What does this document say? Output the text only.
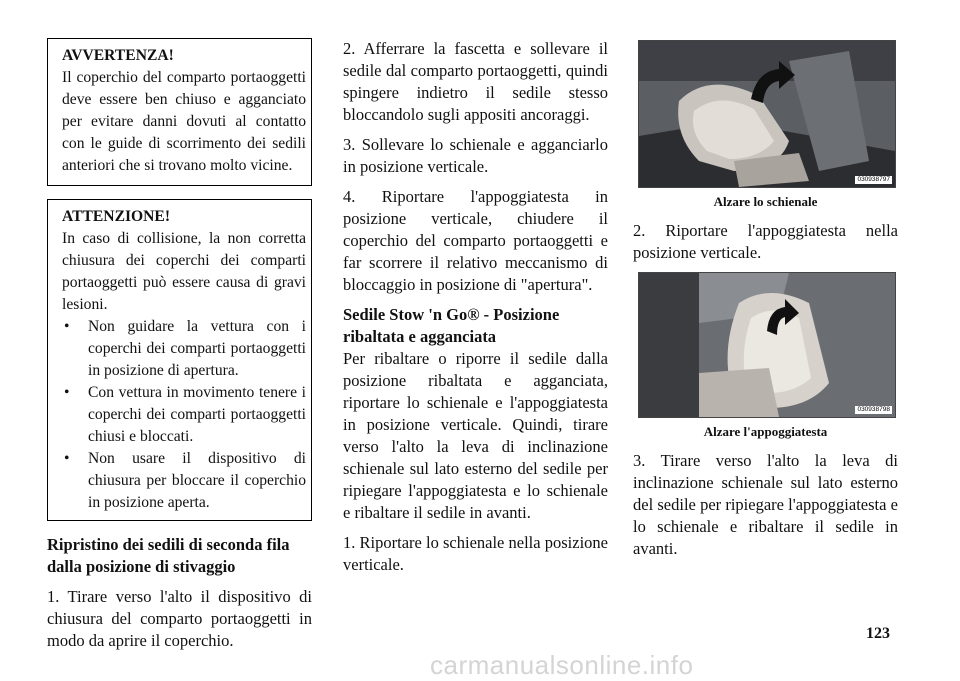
AVVERTENZA!

Il coperchio del comparto portaoggetti deve essere ben chiuso e agganciato per evitare danni dovuti al contatto con le guide di scorrimento dei sedili anteriori che si trovano molto vicine.

ATTENZIONE!

In caso di collisione, la non corretta chiusura dei coperchi dei comparti portaoggetti può essere causa di gravi lesioni.

• Non guidare la vettura con i coperchi dei comparti portaoggetti in posizione di apertura.
• Con vettura in movimento tenere i coperchi dei comparti portaoggetti chiusi e bloccati.
• Non usare il dispositivo di chiusura per bloccare il coperchio in posizione aperta.
Ripristino dei sedili di seconda fila dalla posizione di stivaggio

1. Tirare verso l'alto il dispositivo di chiusura del comparto portaoggetti in modo da aprire il coperchio.

2. Afferrare la fascetta e sollevare il sedile dal comparto portaoggetti, quindi spingere indietro il sedile stesso bloccandolo sugli appositi ancoraggi.

3. Sollevare lo schienale e agganciarlo in posizione verticale.

4. Riportare l'appoggiatesta in posizione verticale, chiudere il coperchio del comparto portaoggetti e far scorrere il relativo meccanismo di bloccaggio in posizione di "apertura".

Sedile Stow 'n Go® - Posizione ribaltata e agganciata

Per ribaltare o riporre il sedile dalla posizione ribaltata e agganciata, riportare lo schienale e l'appoggiatesta in posizione verticale. Quindi, tirare verso l'alto la leva di inclinazione schienale sul lato esterno del sedile per ripiegare l'appoggiatesta e lo schienale e ribaltare il sedile in avanti.

1. Riportare lo schienale nella posizione verticale.

030938797
Alzare lo schienale

2. Riportare l'appoggiatesta nella posizione verticale.

030938798
Alzare l'appoggiatesta

3. Tirare verso l'alto la leva di inclinazione schienale sul lato esterno del sedile per ripiegare l'appoggiatesta e lo schienale e ribaltare il sedile in avanti.

123
carmanualsonline.info
